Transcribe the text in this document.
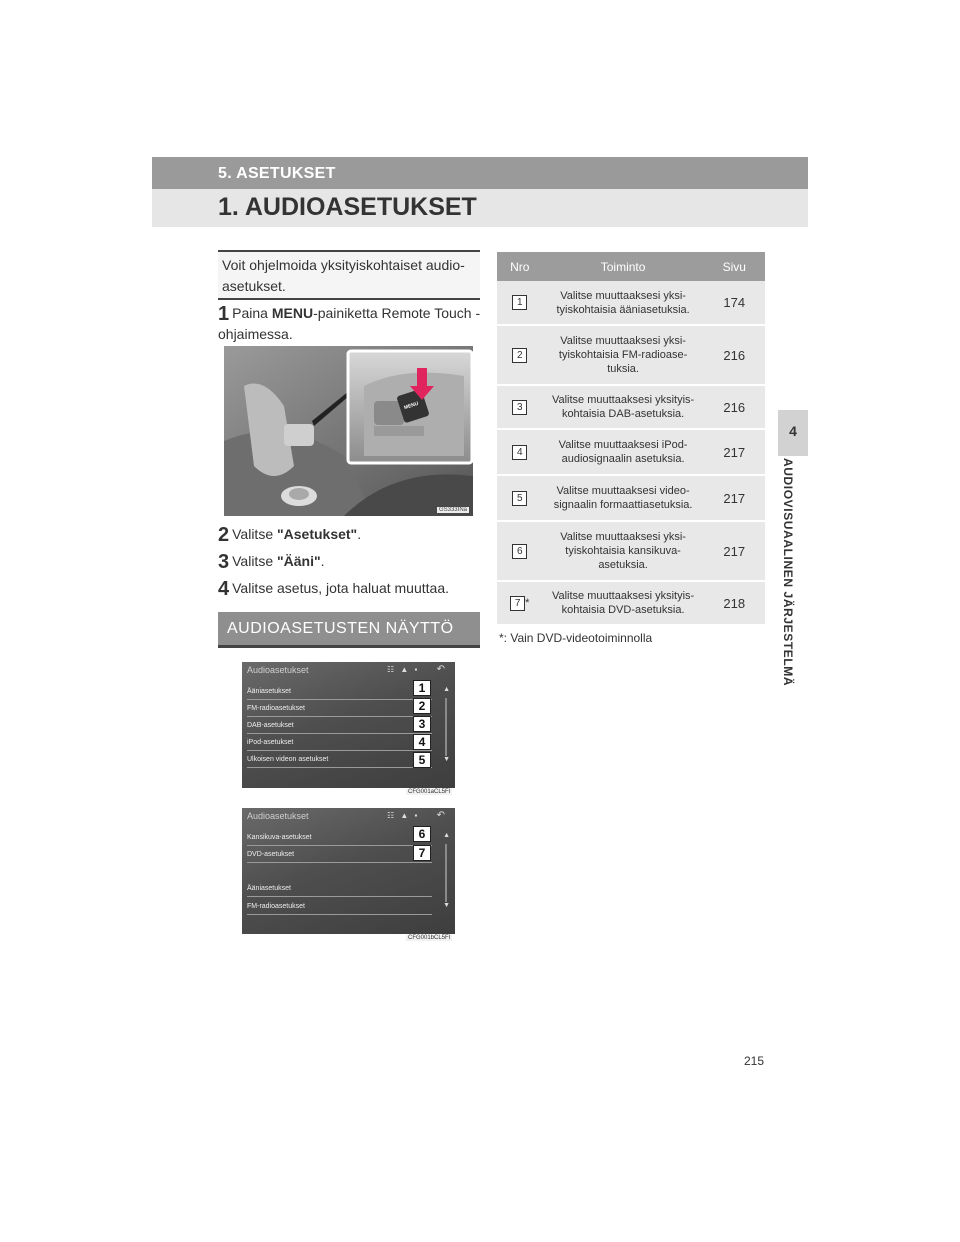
5. ASETUKSET
1. AUDIOASETUKSET
4
AUDIOVISUAALINEN JÄRJESTELMÄ
Voit ohjelmoida yksityiskohtaiset audio-asetukset.
1 Paina MENU-painiketta Remote Touch -ohjaimessa.
MENU
GS333INa
2 Valitse "Asetukset".
3 Valitse "Ääni".
4 Valitse asetus, jota haluat muuttaa.
AUDIOASETUSTEN NÄYTTÖ
Audioasetukset	☷ ▲ ▪ ↶
Ääniasetukset
FM-radioasetukset
DAB-asetukset
iPod-asetukset
Ulkoisen videon asetukset
▲
▼
1
2
3
4
5
CFG001aCL5FI
Audioasetukset	☷ ▲ ▪ ↶
Kansikuva-asetukset
DVD-asetukset
Ääniasetukset
FM-radioasetukset
▲
▼
6
7
CFG001bCL5FI
Nro	Toiminto	Sivu
1	Valitse muuttaaksesi yksi-tyiskohtaisia ääniasetuksia.	174
2	Valitse muuttaaksesi yksi-tyiskohtaisia FM-radioase-tuksia.	216
3	Valitse muuttaaksesi yksityis-kohtaisia DAB-asetuksia.	216
4	Valitse muuttaaksesi iPod-audiosignaalin asetuksia.	217
5	Valitse muuttaaksesi video-signaalin formaattiasetuksia.	217
6	Valitse muuttaaksesi yksi-tyiskohtaisia kansikuva-asetuksia.	217
7 *	Valitse muuttaaksesi yksityis-kohtaisia DVD-asetuksia.	218
*: Vain DVD-videotoiminnolla
215
